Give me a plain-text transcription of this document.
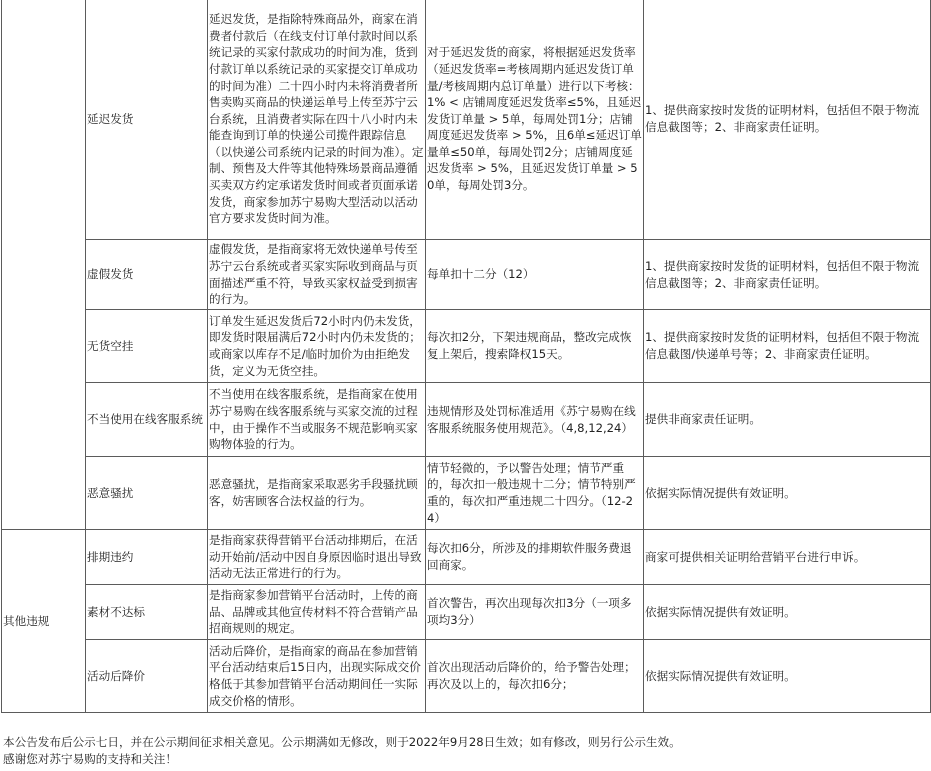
	延迟发货	延迟发货，是指除特殊商品外，商家在消费者付款后（在线支付订单付款时间以系统记录的买家付款成功的时间为准，货到付款订单以系统记录的买家提交订单成功的时间为准）二十四小时内未将消费者所售卖购买商品的快递运单号上传至苏宁云台系统，且消费者实际在四十八小时内未能查询到订单的快递公司揽件跟踪信息（以快递公司系统内记录的时间为准）。定制、预售及大件等其他特殊场景商品遵循买卖双方约定承诺发货时间或者页面承诺发货，商家参加苏宁易购大型活动以活动官方要求发货时间为准。	对于延迟发货的商家，将根据延迟发货率（延迟发货率=考核周期内延迟发货订单量/考核周期内总订单量）进行以下考核：1% < 店铺周度延迟发货率≤5%，且延迟发货订单量 > 5单，每周处罚1分；店铺周度延迟发货率 > 5%，且6单≤延迟订单量单≤50单，每周处罚2分；店铺周度延迟发货率 > 5%，且延迟发货订单量 > 50单，每周处罚3分。	1、提供商家按时发货的证明材料，包括但不限于物流信息截图等；2、非商家责任证明。
	虚假发货	虚假发货，是指商家将无效快递单号传至苏宁云台系统或者买家实际收到商品与页面描述严重不符，导致买家权益受到损害的行为。	每单扣十二分（12）	1、提供商家按时发货的证明材料，包括但不限于物流信息截图等；2、非商家责任证明。
	无货空挂	订单发生延迟发货后72小时内仍未发货，即发货时限届满后72小时内仍未发货的；或商家以库存不足/临时加价为由拒绝发货，定义为无货空挂。	每次扣2分，下架违规商品，整改完成恢复上架后，搜索降权15天。	1、提供商家按时发货的证明材料，包括但不限于物流信息截图/快递单号等；2、非商家责任证明。
	不当使用在线客服系统	不当使用在线客服系统，是指商家在使用苏宁易购在线客服系统与买家交流的过程中，由于操作不当或服务不规范影响买家购物体验的行为。	违规情形及处罚标准适用《苏宁易购在线客服系统服务使用规范》。（4,8,12,24）	提供非商家责任证明。
	恶意骚扰	恶意骚扰，是指商家采取恶劣手段骚扰顾客，妨害顾客合法权益的行为。	情节轻微的，予以警告处理；情节严重的，每次扣一般违规十二分；情节特别严重的，每次扣严重违规二十四分。（12-24）	依据实际情况提供有效证明。
其他违规	排期违约	是指商家获得营销平台活动排期后，在活动开始前/活动中因自身原因临时退出导致活动无法正常进行的行为。	每次扣6分，所涉及的排期软件服务费退回商家。	商家可提供相关证明给营销平台进行申诉。
	素材不达标	是指商家参加营销平台活动时，上传的商品、品牌或其他宣传材料不符合营销产品招商规则的规定。	首次警告，再次出现每次扣3分（一项多项均3分）	依据实际情况提供有效证明。
	活动后降价	活动后降价，是指商家的商品在参加营销平台活动结束后15日内，出现实际成交价格低于其参加营销平台活动期间任一实际成交价格的情形。	首次出现活动后降价的，给予警告处理；再次及以上的，每次扣6分；	依据实际情况提供有效证明。

本公告发布后公示七日，并在公示期间征求相关意见。公示期满如无修改，则于2022年9月28日生效；如有修改，则另行公示生效。

感谢您对苏宁易购的支持和关注！
